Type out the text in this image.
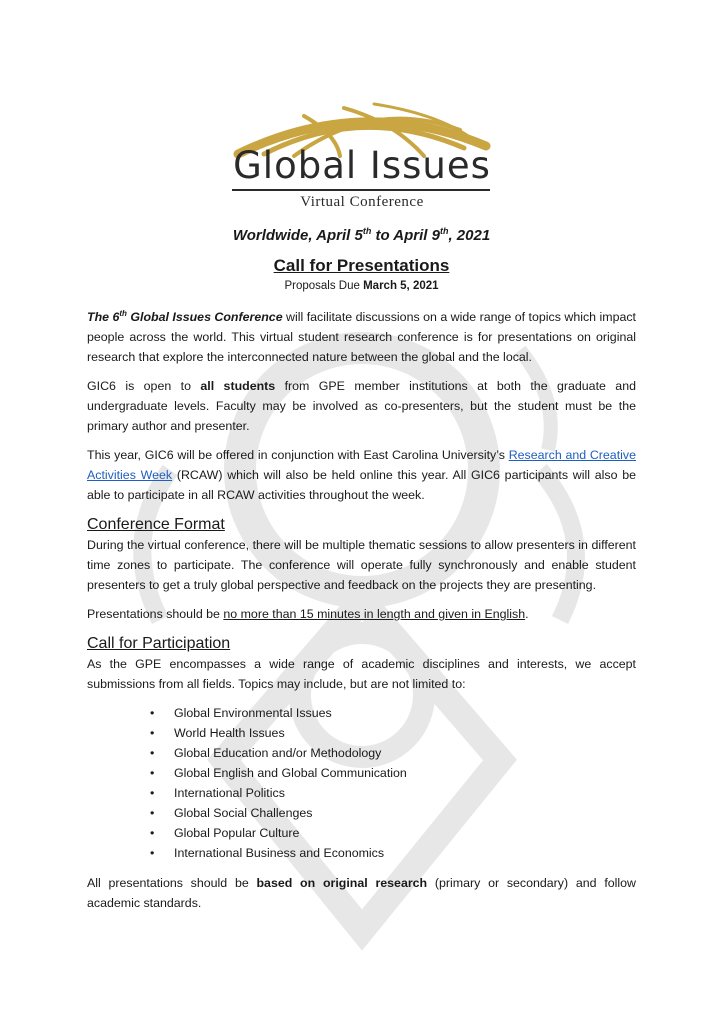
Global Issues
Virtual Conference
Worldwide, April 5th to April 9th, 2021
Call for Presentations
Proposals Due March 5, 2021

The 6th Global Issues Conference will facilitate discussions on a wide range of topics which impact people across the world. This virtual student research conference is for presentations on original research that explore the interconnected nature between the global and the local.

GIC6 is open to all students from GPE member institutions at both the graduate and undergraduate levels. Faculty may be involved as co-presenters, but the student must be the primary author and presenter.

This year, GIC6 will be offered in conjunction with East Carolina University’s Research and Creative Activities Week (RCAW) which will also be held online this year. All GIC6 participants will also be able to participate in all RCAW activities throughout the week.

Conference Format

During the virtual conference, there will be multiple thematic sessions to allow presenters in different time zones to participate. The conference will operate fully synchronously and enable student presenters to get a truly global perspective and feedback on the projects they are presenting.

Presentations should be no more than 15 minutes in length and given in English.

Call for Participation

As the GPE encompasses a wide range of academic disciplines and interests, we accept submissions from all fields. Topics may include, but are not limited to:

• Global Environmental Issues
• World Health Issues
• Global Education and/or Methodology
• Global English and Global Communication
• International Politics
• Global Social Challenges
• Global Popular Culture
• International Business and Economics

All presentations should be based on original research (primary or secondary) and follow academic standards.
